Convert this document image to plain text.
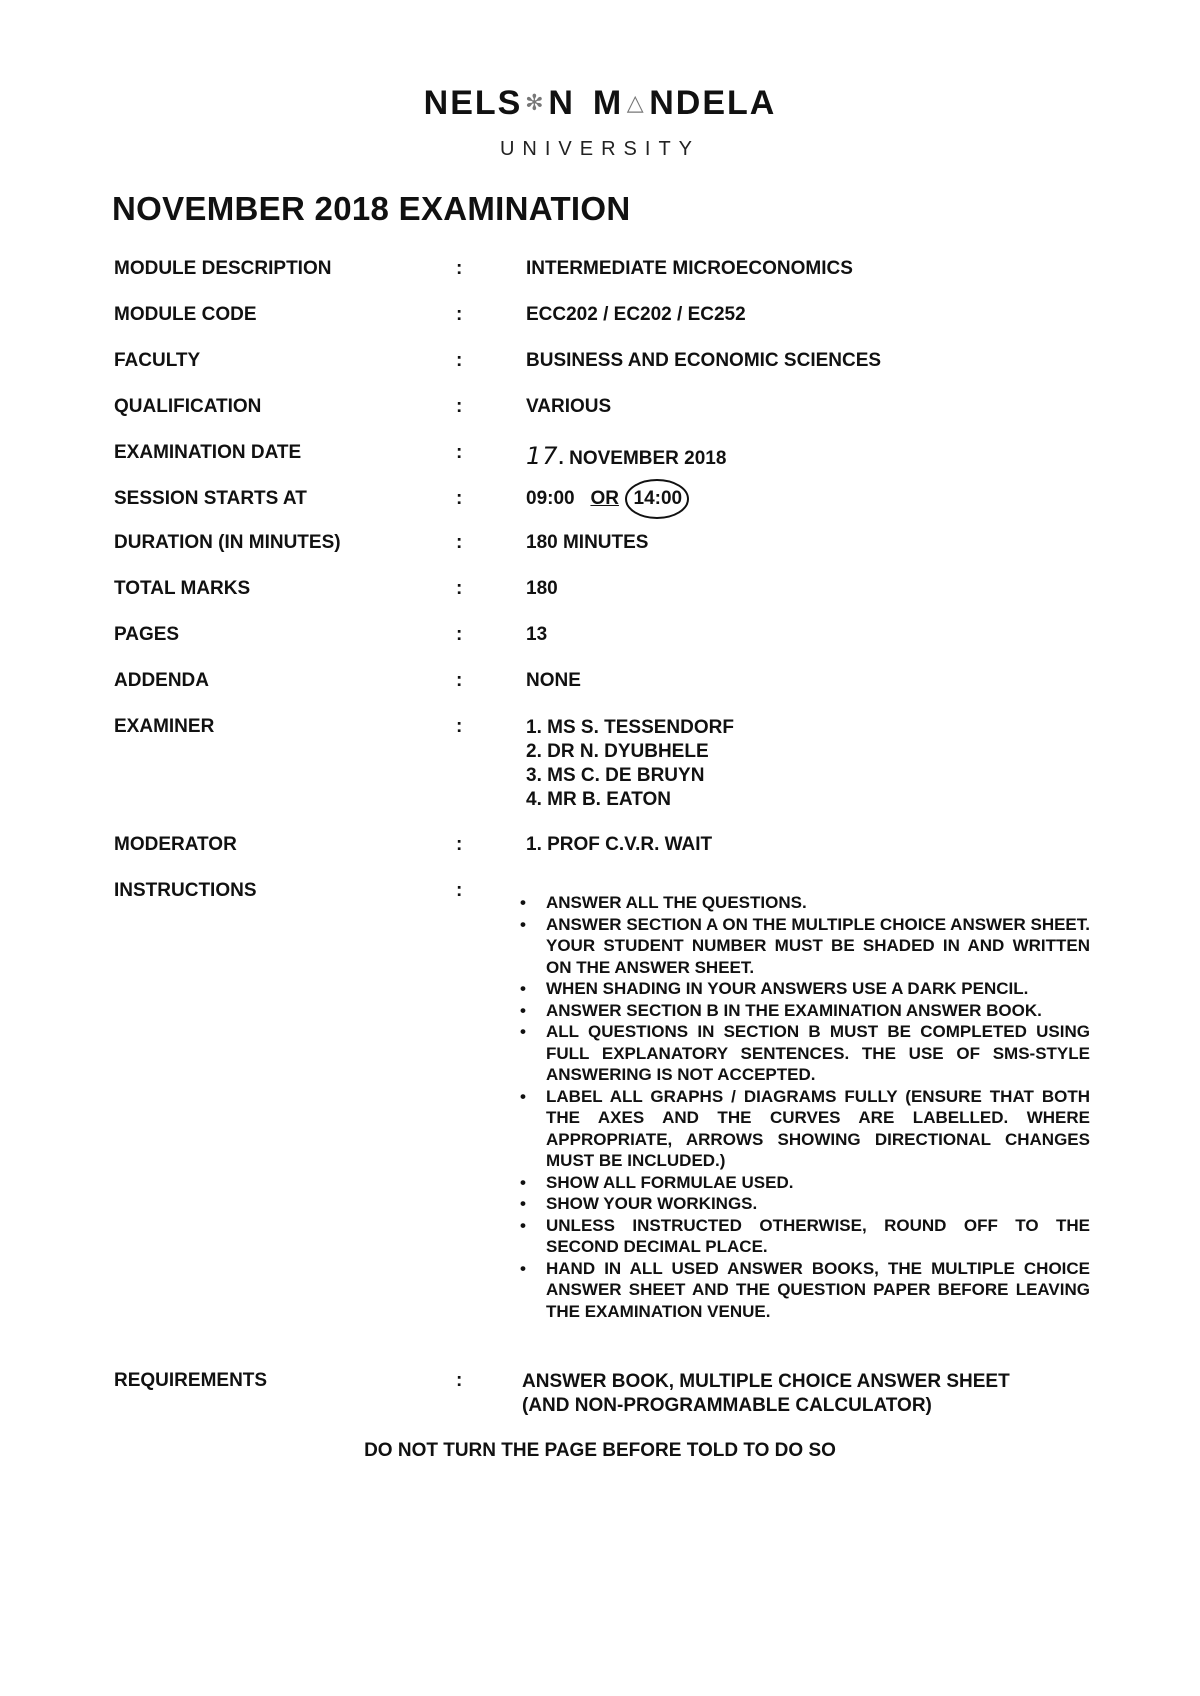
NELS ✻N M △ NDELA
UNIVERSITY
NOVEMBER 2018 EXAMINATION
MODULE DESCRIPTION	:	INTERMEDIATE MICROECONOMICS
MODULE CODE	:	ECC202 / EC202 / EC252
FACULTY	:	BUSINESS AND ECONOMIC SCIENCES
QUALIFICATION	:	VARIOUS
EXAMINATION DATE	:	17. NOVEMBER 2018
SESSION STARTS AT	:	09:00 OR 14:00
DURATION (IN MINUTES)	:	180 MINUTES
TOTAL MARKS	:	180
PAGES	:	13
ADDENDA	:	NONE
EXAMINER	:	1. MS S. TESSENDORF
2. DR N. DYUBHELE
3. MS C. DE BRUYN
4. MR B. EATON
MODERATOR	:	1. PROF C.V.R. WAIT
INSTRUCTIONS	:
• ANSWER ALL THE QUESTIONS.
• ANSWER SECTION A ON THE MULTIPLE CHOICE ANSWER SHEET. YOUR STUDENT NUMBER MUST BE SHADED IN AND WRITTEN ON THE ANSWER SHEET.
• WHEN SHADING IN YOUR ANSWERS USE A DARK PENCIL.
• ANSWER SECTION B IN THE EXAMINATION ANSWER BOOK.
• ALL QUESTIONS IN SECTION B MUST BE COMPLETED USING FULL EXPLANATORY SENTENCES. THE USE OF SMS-STYLE ANSWERING IS NOT ACCEPTED.
• LABEL ALL GRAPHS / DIAGRAMS FULLY (ENSURE THAT BOTH THE AXES AND THE CURVES ARE LABELLED. WHERE APPROPRIATE, ARROWS SHOWING DIRECTIONAL CHANGES MUST BE INCLUDED.)
• SHOW ALL FORMULAE USED.
• SHOW YOUR WORKINGS.
• UNLESS INSTRUCTED OTHERWISE, ROUND OFF TO THE SECOND DECIMAL PLACE.
• HAND IN ALL USED ANSWER BOOKS, THE MULTIPLE CHOICE ANSWER SHEET AND THE QUESTION PAPER BEFORE LEAVING THE EXAMINATION VENUE.
REQUIREMENTS	:	ANSWER BOOK, MULTIPLE CHOICE ANSWER SHEET
(AND NON-PROGRAMMABLE CALCULATOR)
DO NOT TURN THE PAGE BEFORE TOLD TO DO SO
